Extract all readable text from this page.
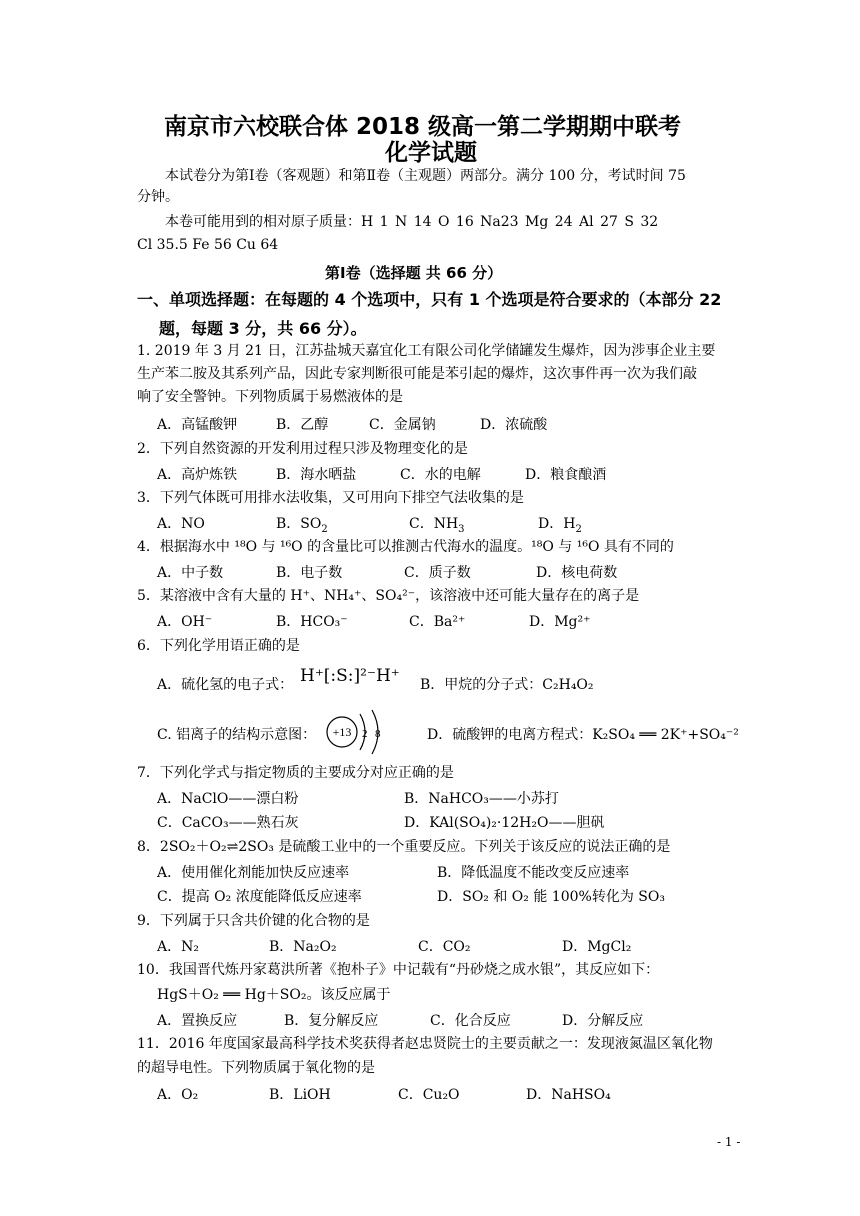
南京市六校联合体 2018 级高一第二学期期中联考
化学试题
本试卷分为第Ⅰ卷（客观题）和第Ⅱ卷（主观题）两部分。满分 100 分，考试时间 75
分钟。
本卷可能用到的相对原子质量：H 1 N 14 O 16 Na23 Mg 24 Al 27 S 32
Cl 35.5 Fe 56 Cu 64
第Ⅰ卷（选择题 共 66 分）
一、单项选择题：在每题的 4 个选项中，只有 1 个选项是符合要求的（本部分 22
题，每题 3 分，共 66 分）。
1. 2019 年 3 月 21 日，江苏盐城天嘉宜化工有限公司化学储罐发生爆炸，因为涉事企业主要
生产苯二胺及其系列产品，因此专家判断很可能是苯引起的爆炸，这次事件再一次为我们敲
响了安全警钟。下列物质属于易燃液体的是
A．高锰酸钾	B．乙醇	C．金属钠	D．浓硫酸
2．下列自然资源的开发利用过程只涉及物理变化的是
A．高炉炼铁	B．海水晒盐	C．水的电解	D．粮食酿酒
3．下列气体既可用排水法收集，又可用向下排空气法收集的是
A．NO	B．$SO_2$	C．$NH_3$	D．$H_2$
4．根据海水中 ¹⁸O 与 ¹⁶O 的含量比可以推测古代海水的温度。¹⁸O 与 ¹⁶O 具有不同的
A．中子数	B．电子数	C．质子数	D．核电荷数
5．某溶液中含有大量的 H⁺、NH₄⁺、SO₄²⁻，该溶液中还可能大量存在的离子是
A．OH⁻	B．HCO₃⁻	C．Ba²⁺	D．Mg²⁺
6．下列化学用语正确的是
A．硫化氢的电子式： H⁺[:S:]²⁻H⁺ B．甲烷的分子式：C₂H₄O₂
C. 铝离子的结构示意图： +13 2 8	D．硫酸钾的电离方程式：K₂SO₄ ══ 2K⁺+SO₄⁻²
7．下列化学式与指定物质的主要成分对应正确的是
A．NaClO——漂白粉	B．NaHCO₃——小苏打
C．CaCO₃——熟石灰	D．KAl(SO₄)₂·12H₂O——胆矾
8．2SO₂＋O₂⇌2SO₃ 是硫酸工业中的一个重要反应。下列关于该反应的说法正确的是
A．使用催化剂能加快反应速率	B．降低温度不能改变反应速率
C．提高 O₂ 浓度能降低反应速率	D．SO₂ 和 O₂ 能 100%转化为 SO₃
9．下列属于只含共价键的化合物的是
A．N₂	B．Na₂O₂	C．CO₂	D．MgCl₂
10．我国晋代炼丹家葛洪所著《抱朴子》中记载有“丹砂烧之成水银”，其反应如下：
HgS＋O₂ ══ Hg＋SO₂。该反应属于
A．置换反应	B．复分解反应	C．化合反应	D．分解反应
11．2016 年度国家最高科学技术奖获得者赵忠贤院士的主要贡献之一：发现液氮温区氧化物
的超导电性。下列物质属于氧化物的是
A．O₂	B．LiOH	C．Cu₂O	D．NaHSO₄
- 1 -
